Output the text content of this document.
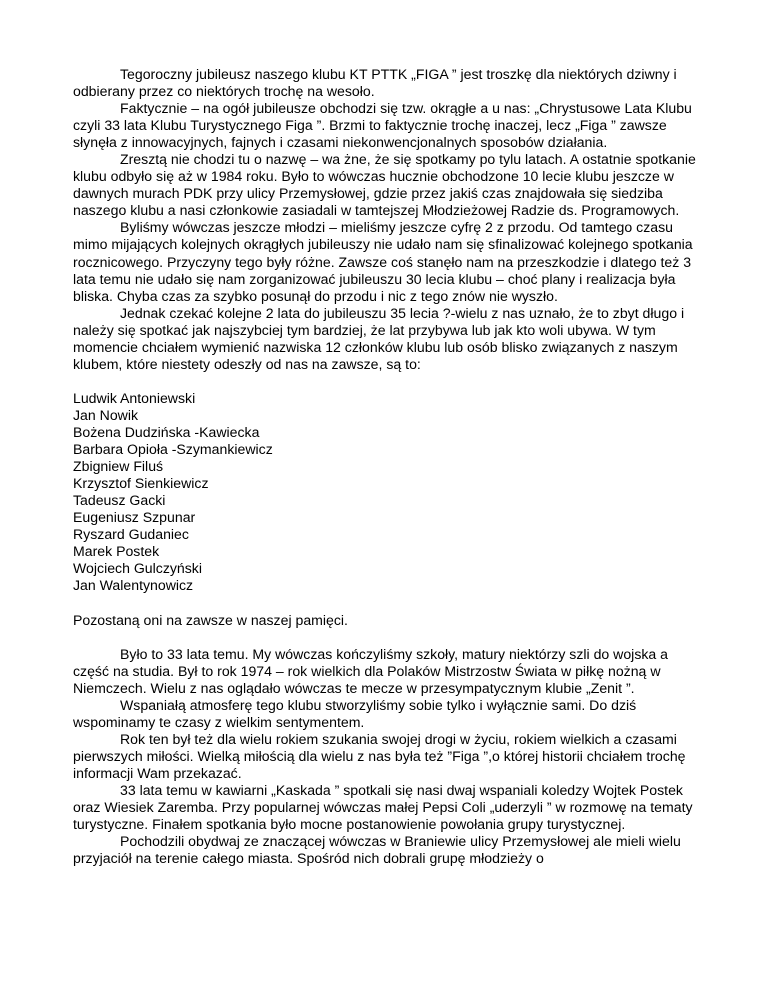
Tegoroczny jubileusz naszego klubu KT PTTK „FIGA ” jest troszkę dla niektórych dziwny i odbierany przez co niektórych trochę na wesoło.

Faktycznie – na ogół jubileusze obchodzi się tzw. okrągłe a u nas: „Chrystusowe Lata Klubu czyli 33 lata Klubu Turystycznego Figa ”. Brzmi to faktycznie trochę inaczej, lecz „Figa ” zawsze słynęła z innowacyjnych, fajnych i czasami niekonwencjonalnych sposobów działania.

Zresztą nie chodzi tu o nazwę – wa żne, że się spotkamy po tylu latach. A ostatnie spotkanie klubu odbyło się aż w 1984 roku. Było to wówczas hucznie obchodzone 10 lecie klubu jeszcze w dawnych murach PDK przy ulicy Przemysłowej, gdzie przez jakiś czas znajdowała się siedziba naszego klubu a nasi członkowie zasiadali w tamtejszej Młodzieżowej Radzie ds. Programowych.

Byliśmy wówczas jeszcze młodzi – mieliśmy jeszcze cyfrę 2 z przodu. Od tamtego czasu mimo mijających kolejnych okrągłych jubileuszy nie udało nam się sfinalizować kolejnego spotkania rocznicowego. Przyczyny tego były różne. Zawsze coś stanęło nam na przeszkodzie i dlatego też 3 lata temu nie udało się nam zorganizować jubileuszu 30 lecia klubu – choć plany i realizacja była bliska. Chyba czas za szybko posunął do przodu i nic z tego znów nie wyszło.

Jednak czekać kolejne 2 lata do jubileuszu 35 lecia ?-wielu z nas uznało, że to zbyt długo i należy się spotkać jak najszybciej tym bardziej, że lat przybywa lub jak kto woli ubywa. W tym momencie chciałem wymienić nazwiska 12 członków klubu lub osób blisko związanych z naszym klubem, które niestety odeszły od nas na zawsze, są to:

Ludwik Antoniewski
Jan Nowik
Bożena Dudzińska -Kawiecka
Barbara Opioła -Szymankiewicz
Zbigniew Filuś
Krzysztof Sienkiewicz
Tadeusz Gacki
Eugeniusz Szpunar
Ryszard Gudaniec
Marek Postek
Wojciech Gulczyński
Jan Walentynowicz

Pozostaną oni na zawsze w naszej pamięci.

Było to 33 lata temu. My wówczas kończyliśmy szkoły, matury niektórzy szli do wojska a część na studia. Był to rok 1974 – rok wielkich dla Polaków Mistrzostw Świata w piłkę nożną w Niemczech. Wielu z nas oglądało wówczas te mecze w przesympatycznym klubie „Zenit ”.

Wspaniałą atmosferę tego klubu stworzyliśmy sobie tylko i wyłącznie sami. Do dziś wspominamy te czasy z wielkim sentymentem.

Rok ten był też dla wielu rokiem szukania swojej drogi w życiu, rokiem wielkich a czasami pierwszych miłości. Wielką miłością dla wielu z nas była też ”Figa ”,o której historii chciałem trochę informacji Wam przekazać.

33 lata temu w kawiarni „Kaskada ” spotkali się nasi dwaj wspaniali koledzy Wojtek Postek oraz Wiesiek Zaremba. Przy popularnej wówczas małej Pepsi Coli „uderzyli ” w rozmowę na tematy turystyczne. Finałem spotkania było mocne postanowienie powołania grupy turystycznej.

Pochodzili obydwaj ze znaczącej wówczas w Braniewie ulicy Przemysłowej ale mieli wielu przyjaciół na terenie całego miasta. Spośród nich dobrali grupę młodzieży o
